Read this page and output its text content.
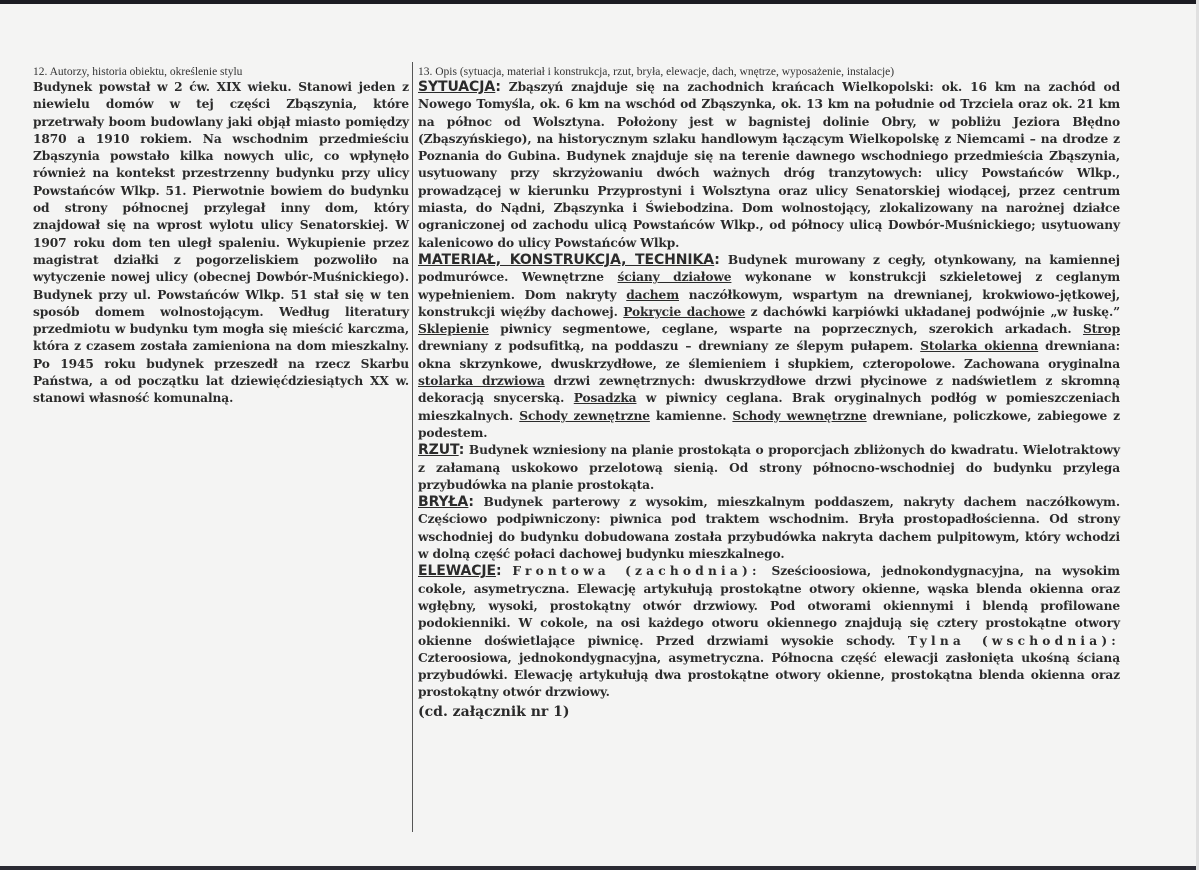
12. Autorzy, historia obiektu, określenie stylu

Budynek powstał w 2 ćw. XIX wieku. Stanowi jeden z niewielu domów w tej części Zbąszynia, które przetrwały boom budowlany jaki objął miasto pomiędzy 1870 a 1910 rokiem. Na wschodnim przedmieściu Zbąszynia powstało kilka nowych ulic, co wpłynęło również na kontekst przestrzenny budynku przy ulicy Powstańców Wlkp. 51. Pierwotnie bowiem do budynku od strony północnej przylegał inny dom, który znajdował się na wprost wylotu ulicy Senatorskiej. W 1907 roku dom ten uległ spaleniu. Wykupienie przez magistrat działki z pogorzeliskiem pozwoliło na wytyczenie nowej ulicy (obecnej Dowbór-Muśnickiego). Budynek przy ul. Powstańców Wlkp. 51 stał się w ten sposób domem wolnostojącym. Według literatury przedmiotu w budynku tym mogła się mieścić karczma, która z czasem została zamieniona na dom mieszkalny. Po 1945 roku budynek przeszedł na rzecz Skarbu Państwa, a od początku lat dziewięćdziesiątych XX w. stanowi własność komunalną.

13. Opis (sytuacja, materiał i konstrukcja, rzut, bryła, elewacje, dach, wnętrze, wyposażenie, instalacje)

SYTUACJA: Zbąszyń znajduje się na zachodnich krańcach Wielkopolski: ok. 16 km na zachód od Nowego Tomyśla, ok. 6 km na wschód od Zbąszynka, ok. 13 km na południe od Trzciela oraz ok. 21 km na północ od Wolsztyna. Położony jest w bagnistej dolinie Obry, w pobliżu Jeziora Błędno (Zbąszyńskiego), na historycznym szlaku handlowym łączącym Wielkopolskę z Niemcami – na drodze z Poznania do Gubina. Budynek znajduje się na terenie dawnego wschodniego przedmieścia Zbąszynia, usytuowany przy skrzyżowaniu dwóch ważnych dróg tranzytowych: ulicy Powstańców Wlkp., prowadzącej w kierunku Przyprostyni i Wolsztyna oraz ulicy Senatorskiej wiodącej, przez centrum miasta, do Nądni, Zbąszynka i Świebodzina. Dom wolnostojący, zlokalizowany na narożnej działce ograniczonej od zachodu ulicą Powstańców Wlkp., od północy ulicą Dowbór-Muśnickiego; usytuowany kalenicowo do ulicy Powstańców Wlkp.

MATERIAŁ, KONSTRUKCJA, TECHNIKA: Budynek murowany z cegły, otynkowany, na kamiennej podmurówce. Wewnętrzne ściany działowe wykonane w konstrukcji szkieletowej z ceglanym wypełnieniem. Dom nakryty dachem naczółkowym, wspartym na drewnianej, krokwiowo-jętkowej, konstrukcji więźby dachowej. Pokrycie dachowe z dachówki karpiówki układanej podwójnie „w łuskę.” Sklepienie piwnicy segmentowe, ceglane, wsparte na poprzecznych, szerokich arkadach. Strop drewniany z podsufitką, na poddaszu – drewniany ze ślepym pułapem. Stolarka okienna drewniana: okna skrzynkowe, dwuskrzydłowe, ze ślemieniem i słupkiem, czteropolowe. Zachowana oryginalna stolarka drzwiowa drzwi zewnętrznych: dwuskrzydłowe drzwi płycinowe z nadświetlem z skromną dekoracją snycerską. Posadzka w piwnicy ceglana. Brak oryginalnych podłóg w pomieszczeniach mieszkalnych. Schody zewnętrzne kamienne. Schody wewnętrzne drewniane, policzkowe, zabiegowe z podestem.

RZUT: Budynek wzniesiony na planie prostokąta o proporcjach zbliżonych do kwadratu. Wielotraktowy z załamaną uskokowo przelotową sienią. Od strony północno-wschodniej do budynku przylega przybudówka na planie prostokąta.

BRYŁA: Budynek parterowy z wysokim, mieszkalnym poddaszem, nakryty dachem naczółkowym. Częściowo podpiwniczony: piwnica pod traktem wschodnim. Bryła prostopadłościenna. Od strony wschodniej do budynku dobudowana została przybudówka nakryta dachem pulpitowym, który wchodzi w dolną część połaci dachowej budynku mieszkalnego.

ELEWACJE: Frontowa (zachodnia): Sześcioosiowa, jednokondygnacyjna, na wysokim cokole, asymetryczna. Elewację artykułują prostokątne otwory okienne, wąska blenda okienna oraz wgłębny, wysoki, prostokątny otwór drzwiowy. Pod otworami okiennymi i blendą profilowane podokienniki. W cokole, na osi każdego otworu okiennego znajdują się cztery prostokątne otwory okienne doświetlające piwnicę. Przed drzwiami wysokie schody. Tylna (wschodnia): Czteroosiowa, jednokondygnacyjna, asymetryczna. Północna część elewacji zasłonięta ukośną ścianą przybudówki. Elewację artykułują dwa prostokątne otwory okienne, prostokątna blenda okienna oraz prostokątny otwór drzwiowy.

(cd. załącznik nr 1)
